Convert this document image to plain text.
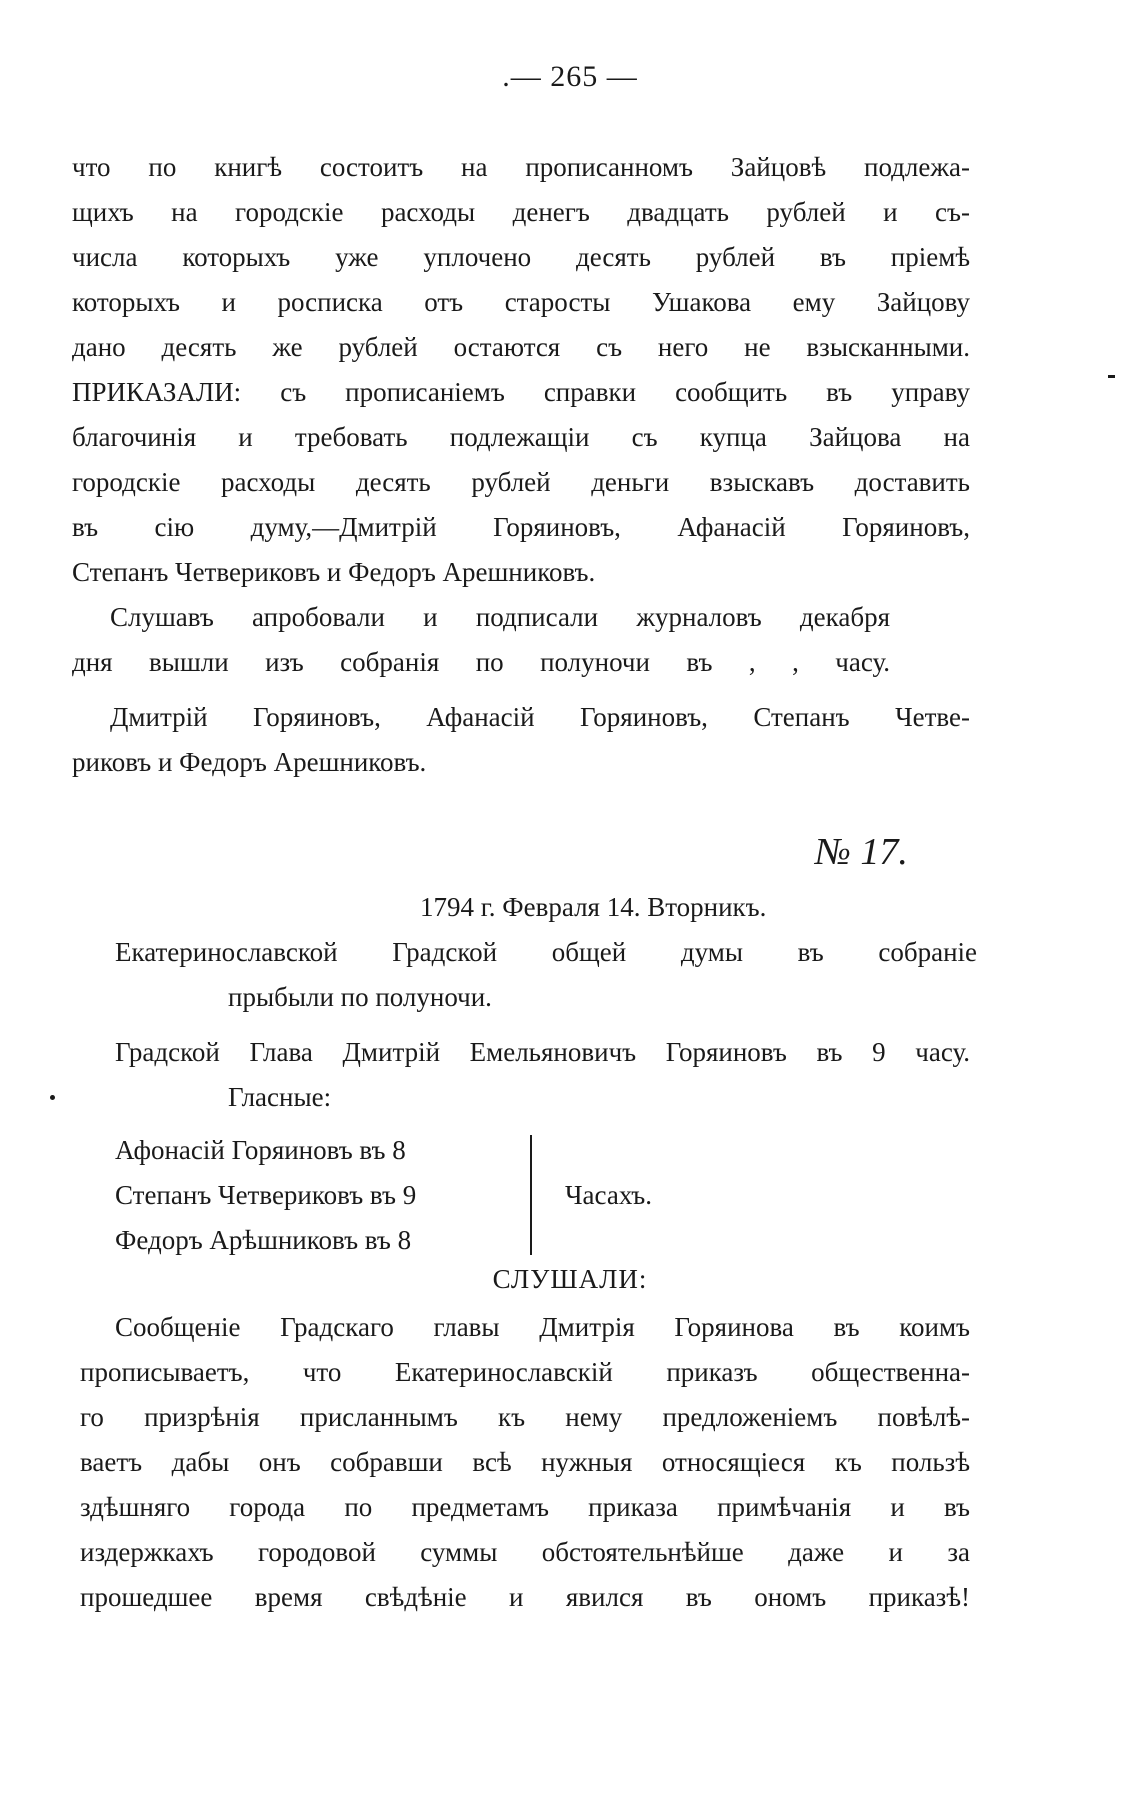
.— 265 —
что по книгѣ состоитъ на прописанномъ Зайцовѣ подлежа-
щихъ на городскіе расходы денегъ двадцать рублей и съ-
числа которыхъ уже уплочено десять рублей въ пріемѣ
которыхъ и росписка отъ старосты Ушакова ему Зайцову
дано десять же рублей остаются съ него не взысканными.
ПРИКАЗАЛИ: съ прописаніемъ справки сообщить въ управу
благочинія и требовать подлежащіи съ купца Зайцова на
городскіе расходы десять рублей деньги взыскавъ доставить
въ сію думу,—Дмитрій Горяиновъ, Афанасій Горяиновъ,
Степанъ Четвериковъ и Федоръ Арешниковъ.
Слушавъ апробовали и подписали журналовъ декабря
дня вышли изъ собранія по полуночи въ , , часу.
Дмитрій Горяиновъ, Афанасій Горяиновъ, Степанъ Четве-
риковъ и Федоръ Арешниковъ.
№ 17.
1794 г. Февраля 14. Вторникъ.
Екатеринославской Градской общей думы въ собраніе
прыбыли по полуночи.
Градской Глава Дмитрій Емельяновичъ Горяиновъ въ 9 часу.
Гласные:
Афонасій Горяиновъ въ 8
Степанъ Четвериковъ въ 9
Федоръ Арѣшниковъ въ 8
Часахъ.
СЛУШАЛИ:
Сообщеніе Градскаго главы Дмитрія Горяинова въ коимъ
прописываетъ, что Екатеринославскій приказъ общественна-
го призрѣнія присланнымъ къ нему предложеніемъ повѣлѣ-
ваетъ дабы онъ собравши всѣ нужныя относящіеся къ пользѣ
здѣшняго города по предметамъ приказа примѣчанія и въ
издержкахъ городовой суммы обстоятельнѣйше даже и за
прошедшее время свѣдѣніе и явился въ ономъ приказѣ!
